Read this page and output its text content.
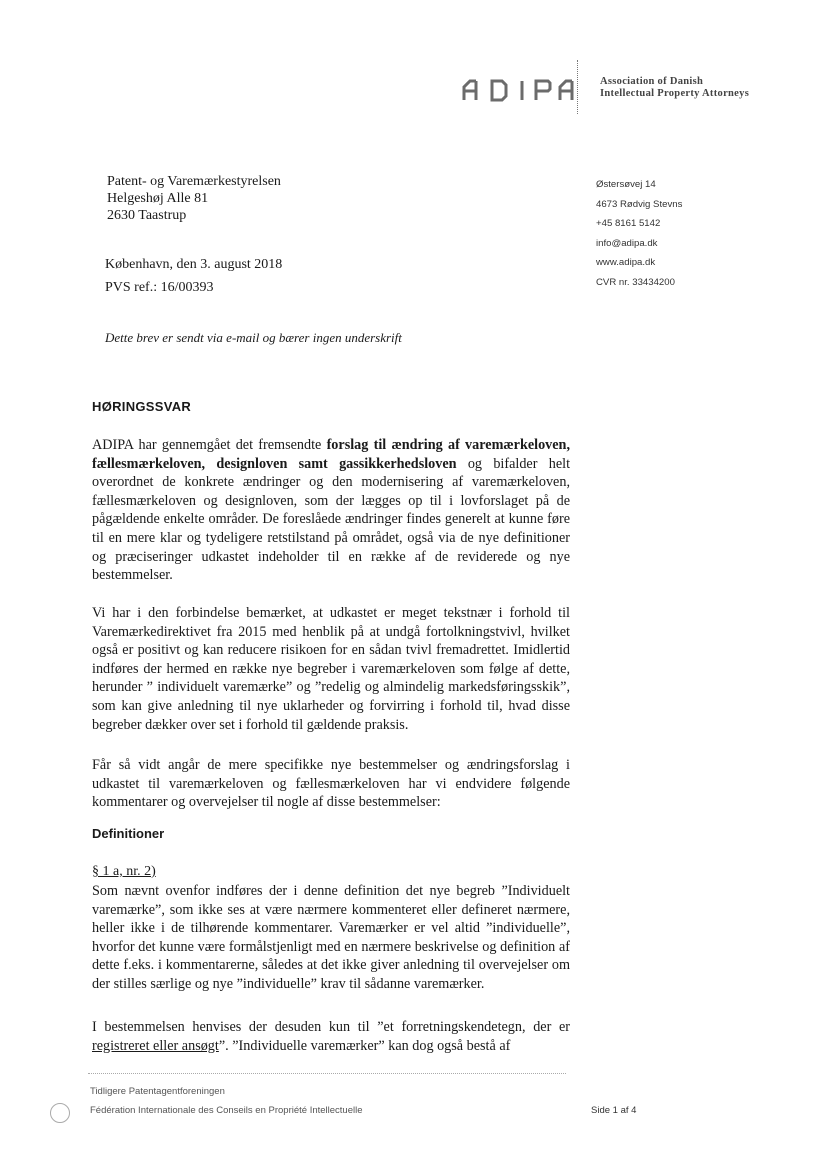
Association of Danish
Intellectual Property Attorneys
Patent- og Varemærkestyrelsen
Helgeshøj Alle 81
2630 Taastrup
Østersøvej 14
4673 Rødvig Stevns
+45 8161 5142
info@adipa.dk
www.adipa.dk
CVR nr. 33434200
København, den 3. august 2018
PVS ref.: 16/00393
Dette brev er sendt via e-mail og bærer ingen underskrift
HØRINGSSVAR

ADIPA har gennemgået det fremsendte forslag til ændring af varemærkeloven, fællesmærkeloven, designloven samt gassikkerhedsloven og bifalder helt overordnet de konkrete ændringer og den modernisering af varemærkeloven, fællesmærkeloven og designloven, som der lægges op til i lovforslaget på de pågældende enkelte områder. De foreslåede ændringer findes generelt at kunne føre til en mere klar og tydeligere retstilstand på området, også via de nye definitioner og præciseringer udkastet indeholder til en række af de reviderede og nye bestemmelser.

Vi har i den forbindelse bemærket, at udkastet er meget tekstnær i forhold til Varemærkedirektivet fra 2015 med henblik på at undgå fortolkningstvivl, hvilket også er positivt og kan reducere risikoen for en sådan tvivl fremadrettet. Imidlertid indføres der hermed en række nye begreber i varemærkeloven som følge af dette, herunder ” individuelt varemærke” og ”redelig og almindelig markedsføringsskik”, som kan give anledning til nye uklarheder og forvirring i forhold til, hvad disse begreber dækker over set i forhold til gældende praksis.

Får så vidt angår de mere specifikke nye bestemmelser og ændringsforslag i udkastet til varemærkeloven og fællesmærkeloven har vi endvidere følgende kommentarer og overvejelser til nogle af disse bestemmelser:

Definitioner
§ 1 a, nr. 2)

Som nævnt ovenfor indføres der i denne definition det nye begreb ”Individuelt varemærke”, som ikke ses at være nærmere kommenteret eller defineret nærmere, heller ikke i de tilhørende kommentarer. Varemærker er vel altid ”individuelle”, hvorfor det kunne være formålstjenligt med en nærmere beskrivelse og definition af dette f.eks. i kommentarerne, således at det ikke giver anledning til overvejelser om der stilles særlige og nye ”individuelle” krav til sådanne varemærker.

I bestemmelsen henvises der desuden kun til ”et forretningskendetegn, der er registreret eller ansøgt”. ”Individuelle varemærker” kan dog også bestå af

Tidligere Patentagentforeningen
Fédération Internationale des Conseils en Propriété Intellectuelle	Side 1 af 4
